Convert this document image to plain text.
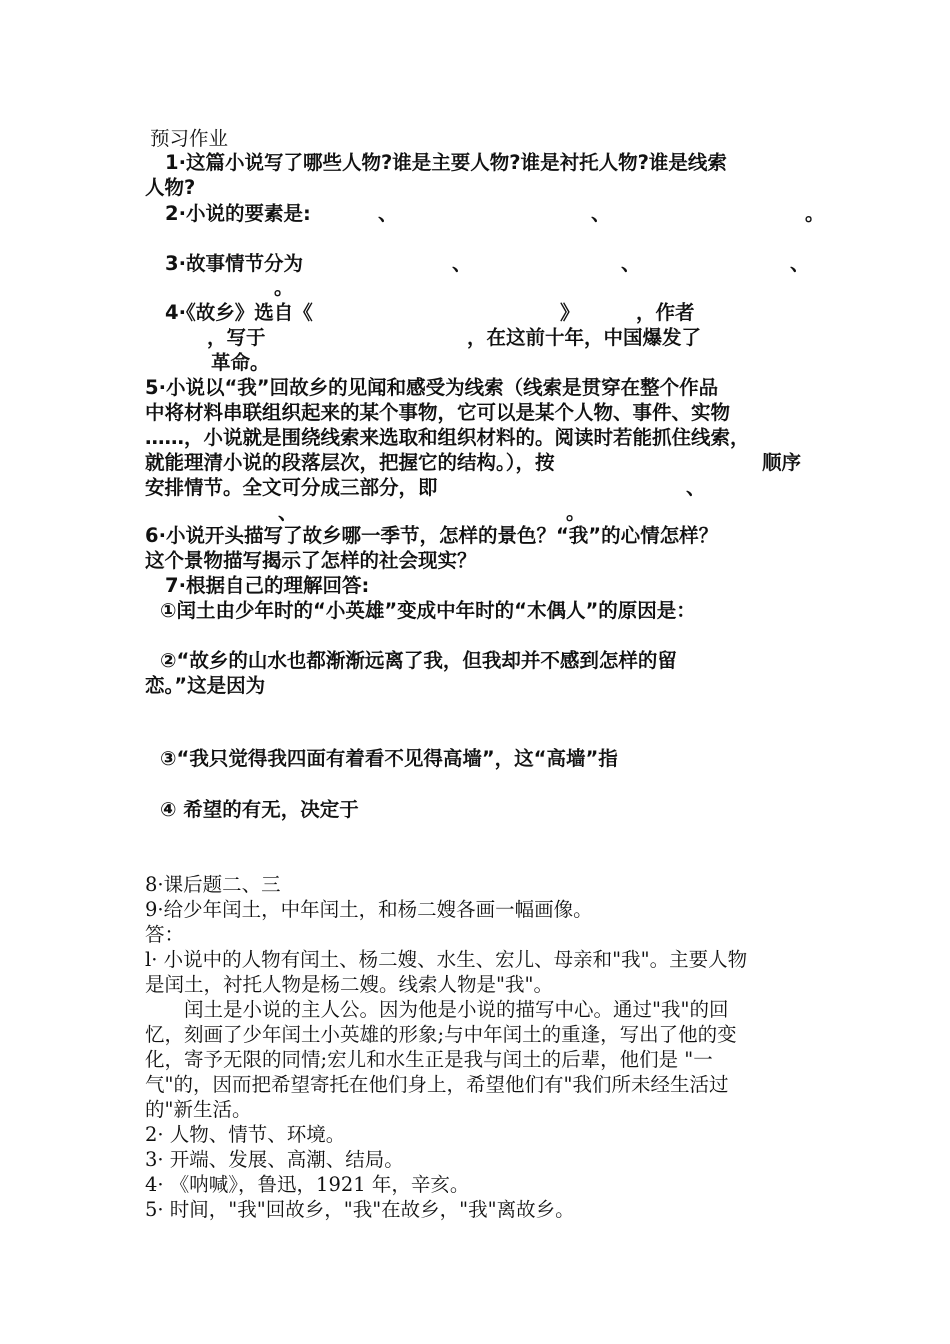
预习作业
1·这篇小说写了哪些人物?谁是主要人物?谁是衬托人物?谁是线索
人物?
2·小说的要素是:	、	、	。
3·故事情节分为	、	、	、
。
4·《故乡》选自《	》	，作者
，写于	，在这前十年，中国爆发了
革命。
5·小说以“我”回故乡的见闻和感受为线索（线索是贯穿在整个作品
中将材料串联组织起来的某个事物，它可以是某个人物、事件、实物
……，小说就是围绕线索来选取和组织材料的。阅读时若能抓住线索，
就能理清小说的段落层次，把握它的结构。），按	顺序
安排情节。全文可分成三部分，即	、
、	。
6·小说开头描写了故乡哪一季节，怎样的景色？“我”的心情怎样？
这个景物描写揭示了怎样的社会现实？
7·根据自己的理解回答:
①闰土由少年时的“小英雄”变成中年时的“木偶人”的原因是：
②“故乡的山水也都渐渐远离了我，但我却并不感到怎样的留
恋。”这是因为
③“我只觉得我四面有着看不见得高墙”，这“高墙”指
④ 希望的有无，决定于
8·课后题二、三
9·给少年闰土，中年闰土，和杨二嫂各画一幅画像。
答：
l· 小说中的人物有闰土、杨二嫂、水生、宏儿、母亲和"我"。主要人物
是闰土，衬托人物是杨二嫂。线索人物是"我"。
闰土是小说的主人公。因为他是小说的描写中心。通过"我"的回
忆，刻画了少年闰土小英雄的形象;与中年闰土的重逢，写出了他的变
化，寄予无限的同情;宏儿和水生正是我与闰土的后辈，他们是 "一
气"的，因而把希望寄托在他们身上，希望他们有"我们所未经生活过
的"新生活。
2· 人物、情节、环境。
3· 开端、发展、高潮、结局。
4· 《呐喊》，鲁迅，1921 年，辛亥。
5· 时间，"我"回故乡，"我"在故乡，"我"离故乡。
